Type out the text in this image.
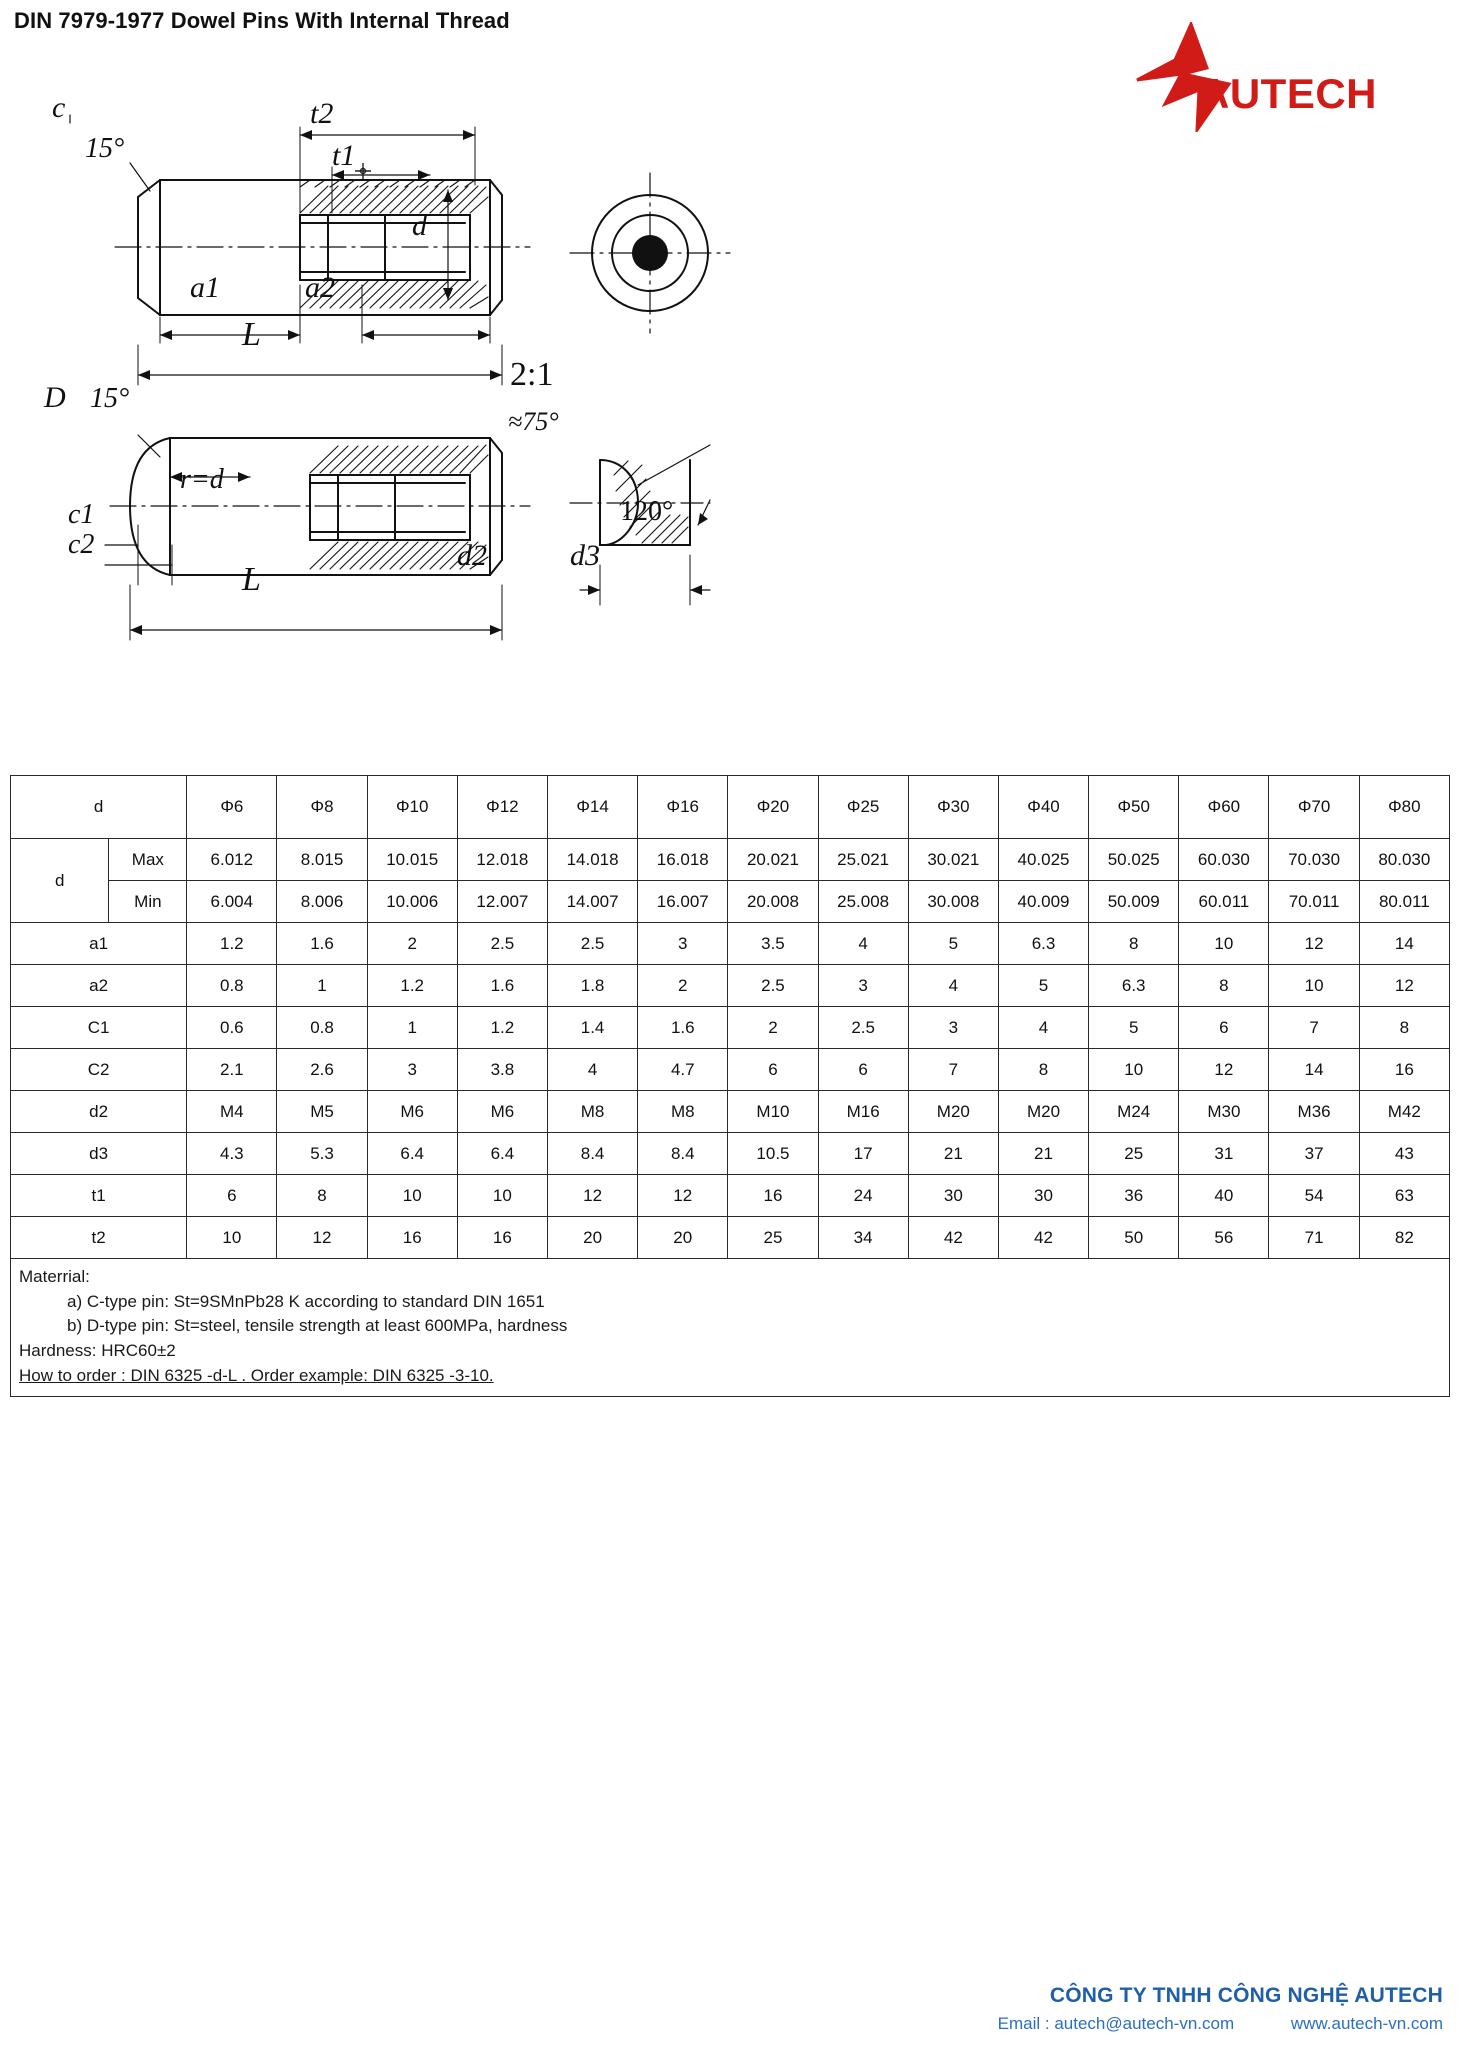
DIN 7979-1977 Dowel Pins With Internal Thread
AUTECH
c
15°
t2
t1
d
a1	a2
L
D 15°
r=d
c1
c2
L
2:1
≈75°
120°
d2	d3
d		Φ6	Φ8	Φ10	Φ12	Φ14	Φ16	Φ20	Φ25	Φ30	Φ40	Φ50	Φ60	Φ70	Φ80
d	Max	6.012	8.015	10.015	12.018	14.018	16.018	20.021	25.021	30.021	40.025	50.025	60.030	70.030	80.030
	Min	6.004	8.006	10.006	12.007	14.007	16.007	20.008	25.008	30.008	40.009	50.009	60.011	70.011	80.011
a1		1.2	1.6	2	2.5	2.5	3	3.5	4	5	6.3	8	10	12	14
a2		0.8	1	1.2	1.6	1.8	2	2.5	3	4	5	6.3	8	10	12
C1		0.6	0.8	1	1.2	1.4	1.6	2	2.5	3	4	5	6	7	8
C2		2.1	2.6	3	3.8	4	4.7	6	6	7	8	10	12	14	16
d2		M4	M5	M6	M6	M8	M8	M10	M16	M20	M20	M24	M30	M36	M42
d3		4.3	5.3	6.4	6.4	8.4	8.4	10.5	17	21	21	25	31	37	43
t1		6	8	10	10	12	12	16	24	30	30	36	40	54	63
t2		10	12	16	16	20	20	25	34	42	42	50	56	71	82
Materrial:
a) C-type pin: St=9SMnPb28 K according to standard DIN 1651
b) D-type pin: St=steel, tensile strength at least 600MPa, hardness
Hardness: HRC60±2
How to order : DIN 6325 -d-L . Order example: DIN 6325 -3-10.
CÔNG TY TNHH CÔNG NGHỆ AUTECH
Email : autech@autech-vn.com	www.autech-vn.com
